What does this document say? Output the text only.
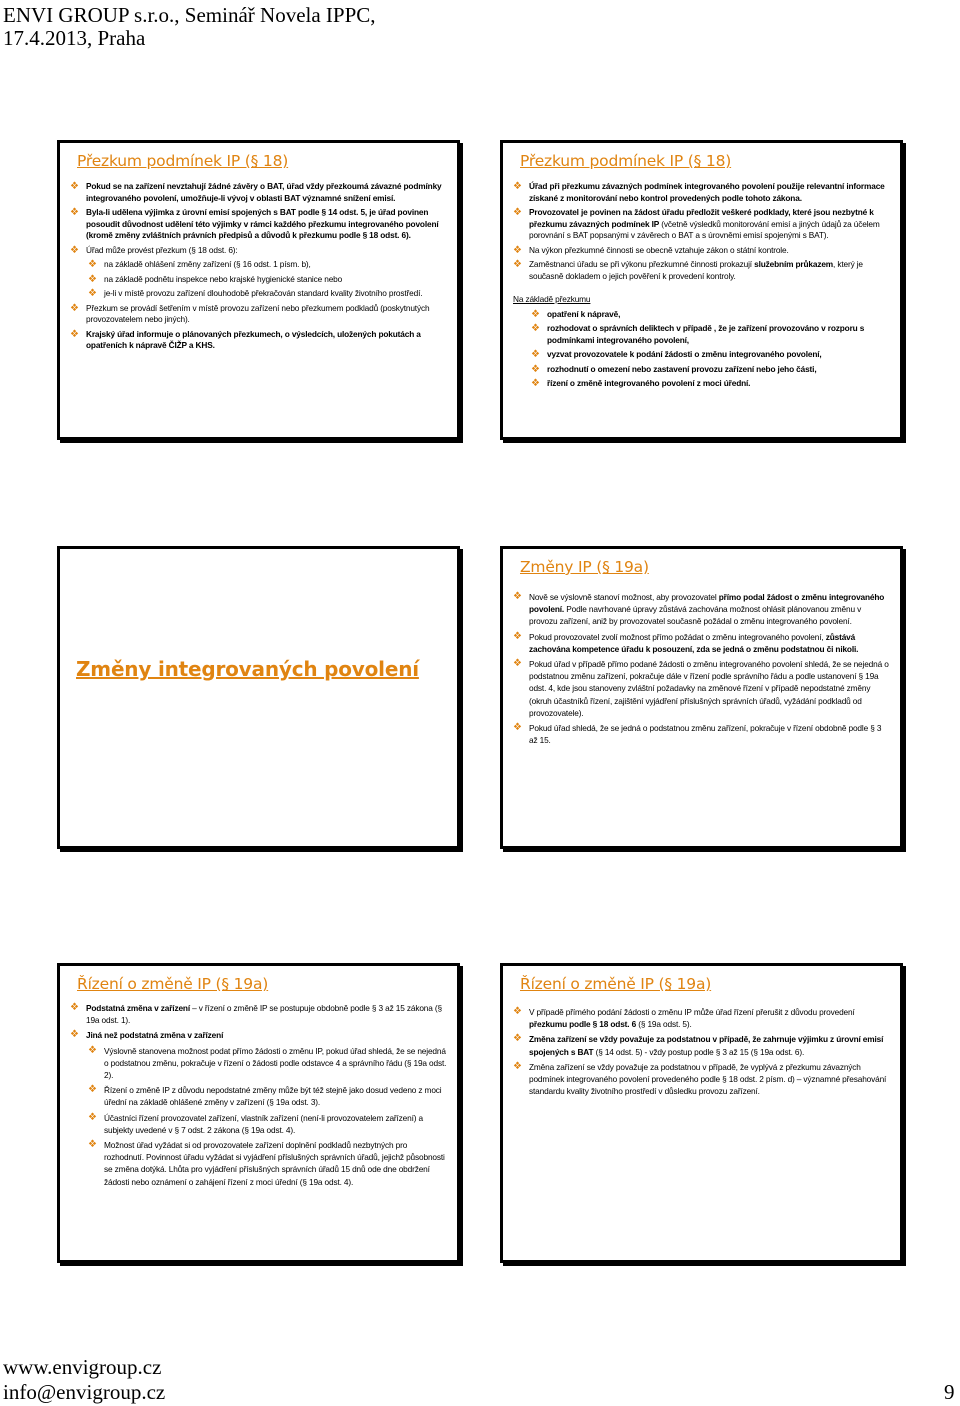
ENVI GROUP s.r.o., Seminář Novela IPPC,
17.4.2013, Praha
Přezkum podmínek IP (§ 18)
❖ Pokud se na zařízení nevztahují žádné závěry o BAT, úřad vždy přezkoumá závazné podmínky integrovaného povolení, umožňuje-li vývoj v oblasti BAT významné snížení emisí.
❖ Byla-li udělena výjimka z úrovní emisí spojených s BAT podle § 14 odst. 5, je úřad povinen posoudit důvodnost udělení této výjimky v rámci každého přezkumu integrovaného povolení (kromě změny zvláštních právních předpisů a důvodů k přezkumu podle § 18 odst. 6).
❖ Úřad může provést přezkum (§ 18 odst. 6):
❖ na základě ohlášení změny zařízení (§ 16 odst. 1 písm. b),
❖ na základě podnětu inspekce nebo krajské hygienické stanice nebo
❖ je-li v místě provozu zařízení dlouhodobě překračován standard kvality životního prostředí.
❖ Přezkum se provádí šetřením v místě provozu zařízení nebo přezkumem podkladů (poskytnutých provozovatelem nebo jiných).
❖ Krajský úřad informuje o plánovaných přezkumech, o výsledcích, uložených pokutách a opatřeních k nápravě ČIŽP a KHS.
Přezkum podmínek IP (§ 18)
❖ Úřad při přezkumu závazných podmínek integrovaného povolení použije relevantní informace získané z monitorování nebo kontrol provedených podle tohoto zákona.
❖ Provozovatel je povinen na žádost úřadu předložit veškeré podklady, které jsou nezbytné k přezkumu závazných podmínek IP (včetně výsledků monitorování emisí a jiných údajů za účelem porovnání s BAT popsanými v závěrech o BAT a s úrovněmi emisí spojenými s BAT).
❖ Na výkon přezkumné činnosti se obecně vztahuje zákon o státní kontrole.
❖ Zaměstnanci úřadu se při výkonu přezkumné činnosti prokazují služebním průkazem, který je současně dokladem o jejich pověření k provedení kontroly.
Na základě přezkumu
❖ opatření k nápravě,
❖ rozhodovat o správních deliktech v případě , že je zařízení provozováno v rozporu s podmínkami integrovaného povolení,
❖ vyzvat provozovatele k podání žádosti o změnu integrovaného povolení,
❖ rozhodnutí o omezení nebo zastavení provozu zařízení nebo jeho části,
❖ řízení o změně integrovaného povolení z moci úřední.
Změny integrovaných povolení
Změny IP (§ 19a)
❖ Nově se výslovně stanoví možnost, aby provozovatel přímo podal žádost o změnu integrovaného povolení. Podle navrhované úpravy zůstává zachována možnost ohlásit plánovanou změnu v provozu zařízení, aniž by provozovatel současně požádal o změnu integrovaného povolení.
❖ Pokud provozovatel zvolí možnost přímo požádat o změnu integrovaného povolení, zůstává zachována kompetence úřadu k posouzení, zda se jedná o změnu podstatnou či nikoli.
❖ Pokud úřad v případě přímo podané žádosti o změnu integrovaného povolení shledá, že se nejedná o podstatnou změnu zařízení, pokračuje dále v řízení podle správního řádu a podle ustanovení § 19a odst. 4, kde jsou stanoveny zvláštní požadavky na změnové řízení v případě nepodstatné změny (okruh účastníků řízení, zajištění vyjádření příslušných správních úřadů, vyžádání podkladů od provozovatele).
❖ Pokud úřad shledá, že se jedná o podstatnou změnu zařízení, pokračuje v řízení obdobně podle § 3 až 15.
Řízení o změně IP (§ 19a)
❖ Podstatná změna v zařízení – v řízení o změně IP se postupuje obdobně podle § 3 až 15 zákona (§ 19a odst. 1).
❖ Jiná než podstatná změna v zařízení
❖ Výslovně stanovena možnost podat přímo žádosti o změnu IP, pokud úřad shledá, že se nejedná o podstatnou změnu, pokračuje v řízení o žádosti podle odstavce 4 a správního řádu (§ 19a odst. 2).
❖ Řízení o změně IP z důvodu nepodstatné změny může být též stejně jako dosud vedeno z moci úřední na základě ohlášené změny v zařízení (§ 19a odst. 3).
❖ Účastníci řízení provozovatel zařízení, vlastník zařízení (není-li provozovatelem zařízení) a subjekty uvedené v § 7 odst. 2 zákona (§ 19a odst. 4).
❖ Možnost úřad vyžádat si od provozovatele zařízení doplnění podkladů nezbytných pro rozhodnutí. Povinnost úřadu vyžádat si vyjádření příslušných správních úřadů, jejichž působnosti se změna dotýká. Lhůta pro vyjádření příslušných správních úřadů 15 dnů ode dne obdržení žádosti nebo oznámení o zahájení řízení z moci úřední (§ 19a odst. 4).
Řízení o změně IP (§ 19a)
❖ V případě přímého podání žádosti o změnu IP může úřad řízení přerušit z důvodu provedení přezkumu podle § 18 odst. 6 (§ 19a odst. 5).
❖ Změna zařízení se vždy považuje za podstatnou v případě, že zahrnuje výjimku z úrovní emisí spojených s BAT (§ 14 odst. 5) - vždy postup podle § 3 až 15 (§ 19a odst. 6).
❖ Změna zařízení se vždy považuje za podstatnou v případě, že vyplývá z přezkumu závazných podmínek integrovaného povolení provedeného podle § 18 odst. 2 písm. d) – významné přesahování standardu kvality životního prostředí v důsledku provozu zařízení.
www.envigroup.cz
info@envigroup.cz	9
